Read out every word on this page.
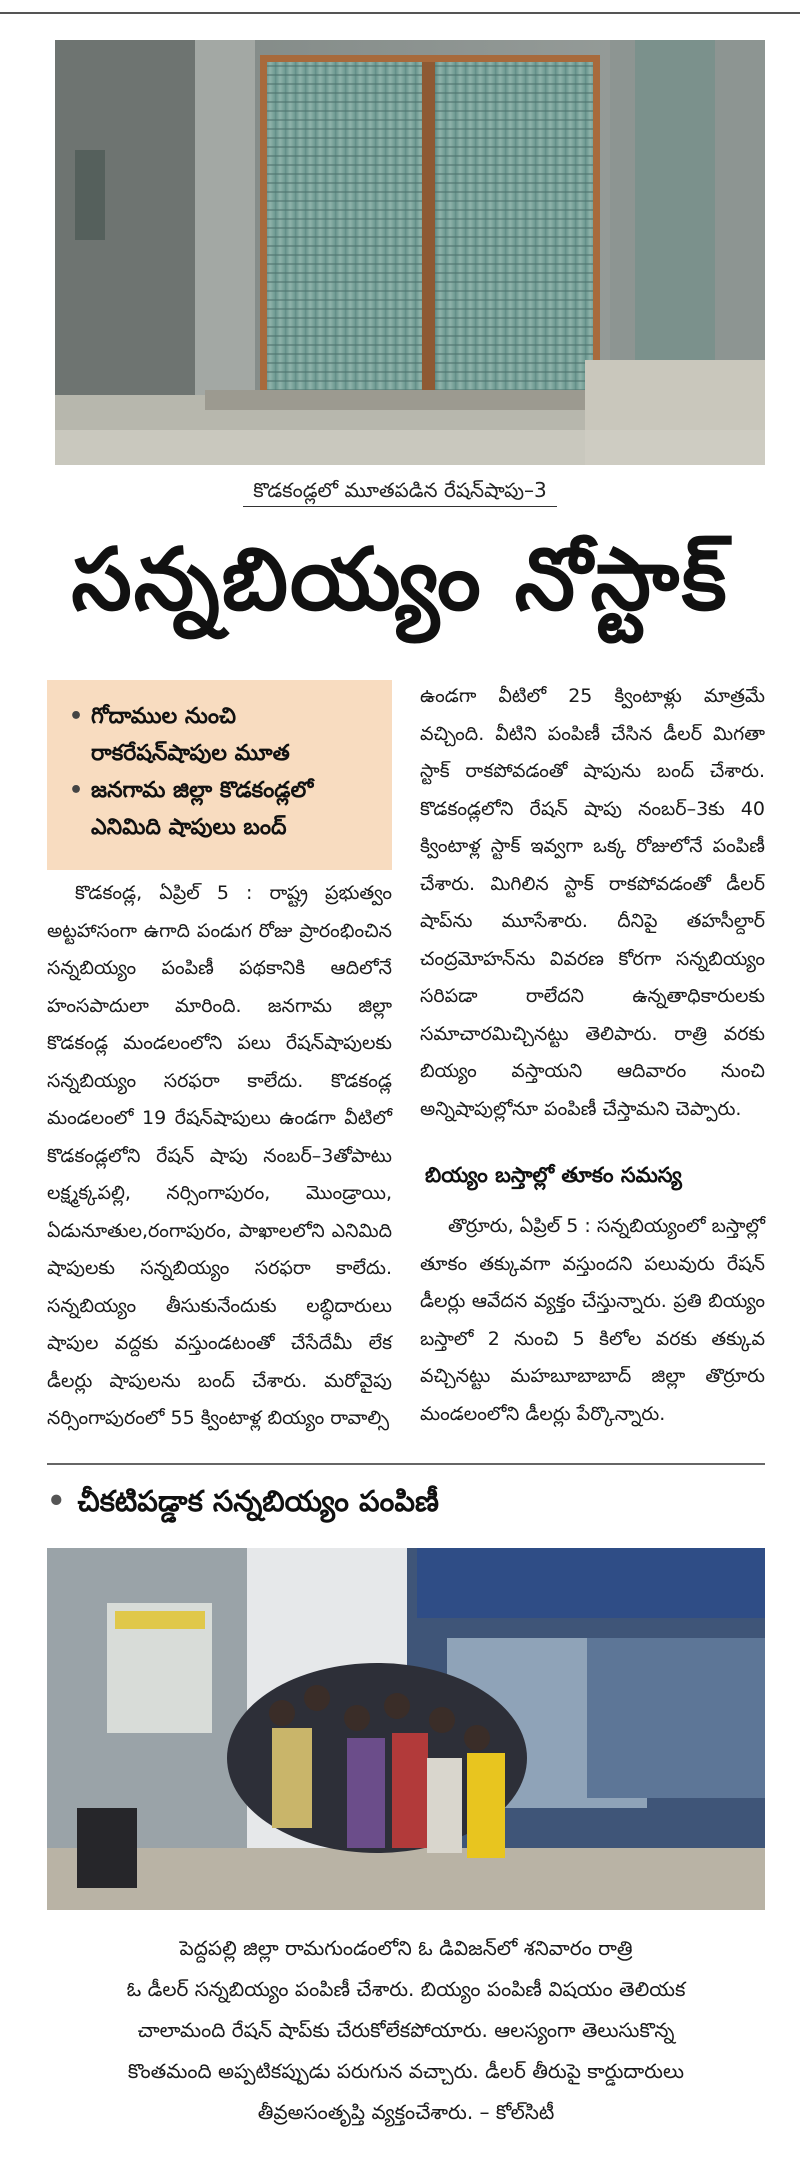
కొడకండ్లలో మూతపడిన రేషన్‌షాపు–3
సన్నబియ్యం నోస్టాక్‌
• గోదాముల నుంచి రాకరేషన్‌షాపుల మూత
• జనగామ జిల్లా కొడకండ్లలో ఎనిమిది షాపులు బంద్‌
కొడకండ్ల, ఏప్రిల్‌ 5 : రాష్ట్ర ప్రభుత్వం అట్టహాసంగా ఉగాది పండుగ రోజు ప్రారంభించిన సన్నబియ్యం పంపిణీ పథకానికి ఆదిలోనే హంసపాదులా మారింది. జనగామ జిల్లా కొడకండ్ల మండలంలోని పలు రేషన్‌షాపులకు సన్నబియ్యం సరఫరా కాలేదు. కొడకండ్ల మండలంలో 19 రేషన్‌షాపులు ఉండగా వీటిలో కొడకండ్లలోని రేషన్‌ షాపు నంబర్‌–3తోపాటు లక్ష్మక్కపల్లి, నర్సింగాపురం, మొండ్రాయి, ఏడునూతుల,రంగాపురం, పాఖాలలోని ఎనిమిది షాపులకు సన్నబియ్యం సరఫరా కాలేదు. సన్నబియ్యం తీసుకునేందుకు లబ్ధిదారులు షాపుల వద్దకు వస్తుండటంతో చేసేదేమీ లేక డీలర్లు షాపులను బంద్‌ చేశారు. మరోవైపు నర్సింగాపురంలో 55 క్వింటాళ్ల బియ్యం రావాల్సి
ఉండగా వీటిలో 25 క్వింటాళ్లు మాత్రమే వచ్చింది. వీటిని పంపిణీ చేసిన డీలర్‌ మిగతా స్టాక్‌ రాకపోవడంతో షాపును బంద్‌ చేశారు. కొడకండ్లలోని రేషన్‌ షాపు నంబర్‌–3కు 40 క్వింటాళ్ల స్టాక్‌ ఇవ్వగా ఒక్క రోజులోనే పంపిణీ చేశారు. మిగిలిన స్టాక్‌ రాకపోవడంతో డీలర్‌ షాప్‌ను మూసేశారు. దీనిపై తహసీల్దార్‌ చంద్రమోహన్‌ను వివరణ కోరగా సన్నబియ్యం సరిపడా రాలేదని ఉన్నతాధికారులకు సమాచారమిచ్చినట్టు తెలిపారు. రాత్రి వరకు బియ్యం వస్తాయని ఆదివారం నుంచి అన్నిషాపుల్లోనూ పంపిణీ చేస్తామని చెప్పారు.
బియ్యం బస్తాల్లో తూకం సమస్య
తొర్రూరు, ఏప్రిల్‌ 5 : సన్నబియ్యంలో బస్తాల్లో తూకం తక్కువగా వస్తుందని పలువురు రేషన్‌ డీలర్లు ఆవేదన వ్యక్తం చేస్తున్నారు. ప్రతి బియ్యం బస్తాలో 2 నుంచి 5 కిలోల వరకు తక్కువ వచ్చినట్టు మహబూబాబాద్‌ జిల్లా తొర్రూరు మండలంలోని డీలర్లు పేర్కొన్నారు.
• చీకటిపడ్డాక సన్నబియ్యం పంపిణీ
పెద్దపల్లి జిల్లా రామగుండంలోని ఓ డివిజన్‌లో శనివారం రాత్రి
ఓ డీలర్‌ సన్నబియ్యం పంపిణీ చేశారు. బియ్యం పంపిణీ విషయం తెలియక
చాలామంది రేషన్‌ షాప్‌కు చేరుకోలేకపోయారు. ఆలస్యంగా తెలుసుకొన్న
కొంతమంది అప్పటికప్పుడు పరుగున వచ్చారు. డీలర్‌ తీరుపై కార్డుదారులు
తీవ్రఅసంతృప్తి వ్యక్తంచేశారు. – కోల్‌సిటీ
